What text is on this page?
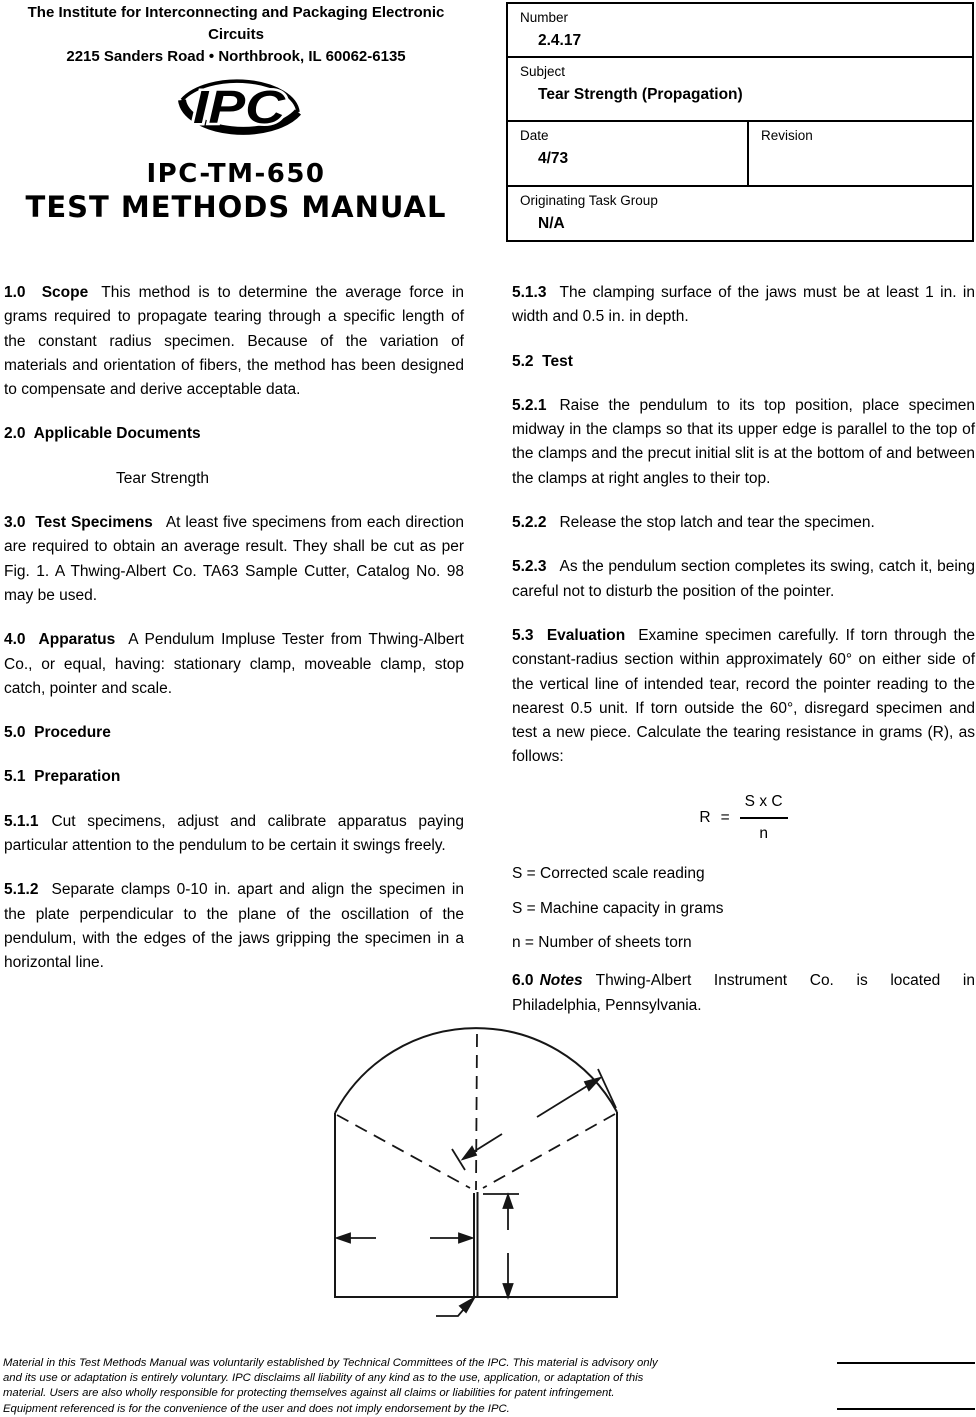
The Institute for Interconnecting and Packaging Electronic Circuits
2215 Sanders Road • Northbrook, IL 60062-6135
IPC
IPC-TM-650
TEST METHODS MANUAL
Number
2.4.17
Subject
Tear Strength (Propagation)
Date
4/73
Revision
Originating Task Group
N/A

1.0  Scope This method is to determine the average force in grams required to propagate tearing through a specific length of the constant radius specimen. Because of the variation of materials and orientation of fibers, the method has been designed to compensate and derive acceptable data.

2.0  Applicable Documents

Tear Strength

3.0  Test Specimens At least five specimens from each direction are required to obtain an average result. They shall be cut as per Fig. 1. A Thwing-Albert Co. TA63 Sample Cutter, Catalog No. 98 may be used.

4.0  Apparatus A Pendulum Impluse Tester from Thwing-Albert Co., or equal, having: stationary clamp, moveable clamp, stop catch, pointer and scale.

5.0  Procedure

5.1  Preparation

5.1.1 Cut specimens, adjust and calibrate apparatus paying particular attention to the pendulum to be certain it swings freely.

5.1.2 Separate clamps 0-10 in. apart and align the specimen in the plate perpendicular to the plane of the oscillation of the pendulum, with the edges of the jaws gripping the specimen in a horizontal line.

5.1.3 The clamping surface of the jaws must be at least 1 in. in width and 0.5 in. in depth.

5.2  Test

5.2.1 Raise the pendulum to its top position, place specimen midway in the clamps so that its upper edge is parallel to the top of the clamps and the precut initial slit is at the bottom of and between the clamps at right angles to their top.

5.2.2 Release the stop latch and tear the specimen.

5.2.3 As the pendulum section completes its swing, catch it, being careful not to disturb the position of the pointer.

5.3  Evaluation Examine specimen carefully. If torn through the constant-radius section within approximately 60° on either side of the vertical line of intended tear, record the pointer reading to the nearest 0.5 unit. If torn outside the 60°, disregard specimen and test a new piece. Calculate the tearing resistance in grams (R), as follows:

$R = \frac{\text{S x C}}{n}$

S = Corrected scale reading

S = Machine capacity in grams

n = Number of sheets torn

6.0 Notes Thwing-Albert Instrument Co. is located in Philadelphia, Pennsylvania.

Material in this Test Methods Manual was voluntarily established by Technical Committees of the IPC. This material is advisory only
and its use or adaptation is entirely voluntary. IPC disclaims all liability of any kind as to the use, application, or adaptation of this
material. Users are also wholly responsible for protecting themselves against all claims or liabilities for patent infringement.
Equipment referenced is for the convenience of the user and does not imply endorsement by the IPC.
